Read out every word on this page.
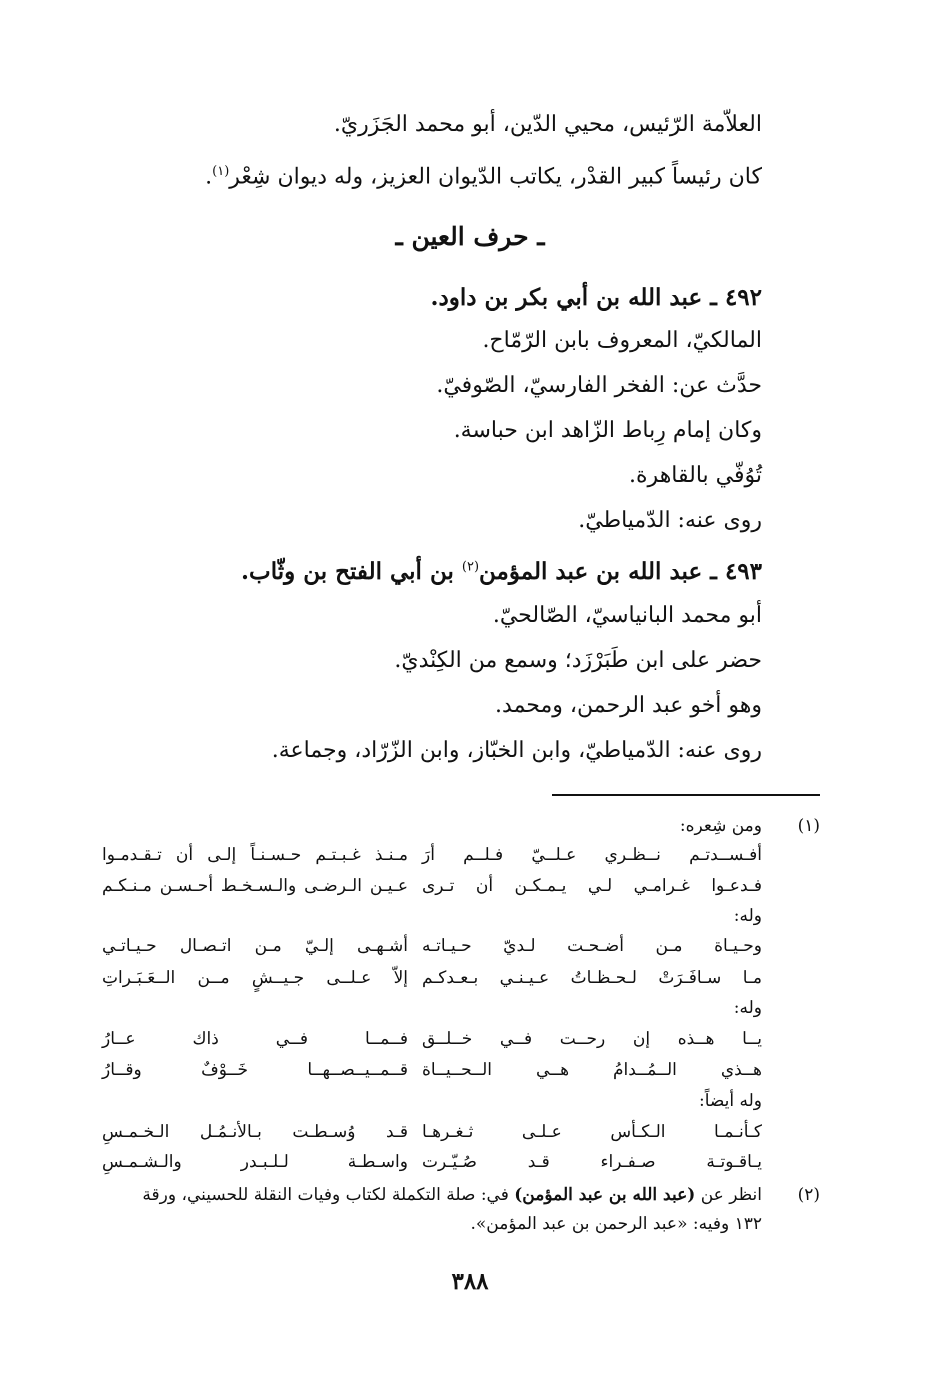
العلاّمة الرّئيس، محيي الدّين، أبو محمد الجَزَريّ.
كان رئيساً كبير القدْر، يكاتب الدّيوان العزيز، وله ديوان شِعْر$^{(١)}$.
ـ حرف العين ـ
٤٩٢ ـ عبد الله بن أبي بكر بن داود.
المالكيّ، المعروف بابن الرّمّاح.
حدَّث عن: الفخر الفارسيّ، الصّوفيّ.
وكان إمام رِباط الزّاهد ابن حباسة.
تُوُفّي بالقاهرة.
روى عنه: الدّمياطيّ.
٤٩٣ ـ عبد الله بن عبد المؤمن$^{(٢)}$ بن أبي الفتح بن وثّاب.
أبو محمد البانياسيّ، الصّالحيّ.
حضر على ابن طَبَرْزَد؛ وسمع من الكِنْديّ.
وهو أخو عبد الرحمن، ومحمد.
روى عنه: الدّمياطيّ، وابن الخبّاز، وابن الزّرّاد، وجماعة.
(١)
ومن شِعره:
أفـســدتـم نــظـري عـلــيّ فـلــم أرَ
مـنـذ غـبـتـم حـسـنـاً إلـى أن تـقـدمـوا
فـدعـوا غـرامـي لـي يـمـكـن أن تـرى
عـيـن الـرضـى والـسـخـط أحـسـن مـنـكـم
وله:
وحـيـاة مـن أضـحـت لـديّ حـيـاتـه
أشـهـى إلـيّ مـن اتـصـال حـيـاتـي
مـا سـافَـرَتْ لـحـظـاتُ عـيـنـي بـعـدكـم
إلاّ عـلــى جـيــشٍ مــن الــعَـبَـراتِ
وله:
يــا هــذه إن رحــت فــي خــلــق
فــمــا فــي ذاك عــارُ
هــذي الــمُــدامُ هــي الــحــيــاة
قــمــيــصــهــا خَــوْفٌ وقــارُ
وله أيضاً:
كـأنـمـا الـكـأس عـلـى ثـغـرهـا
قـد وُسـطـت بـالأنـمُـل الـخـمـسِ
يـاقـوتـة صـفـراء قـد صُـيّـرت
واسـطـة لـلـبـدر والـشـمـسِ
(٢)
انظر عن (عبد الله بن عبد المؤمن) في: صلة التكملة لكتاب وفيات النقلة للحسيني، ورقة
١٣٢ وفيه: «عبد الرحمن بن عبد المؤمن».
٣٨٨
